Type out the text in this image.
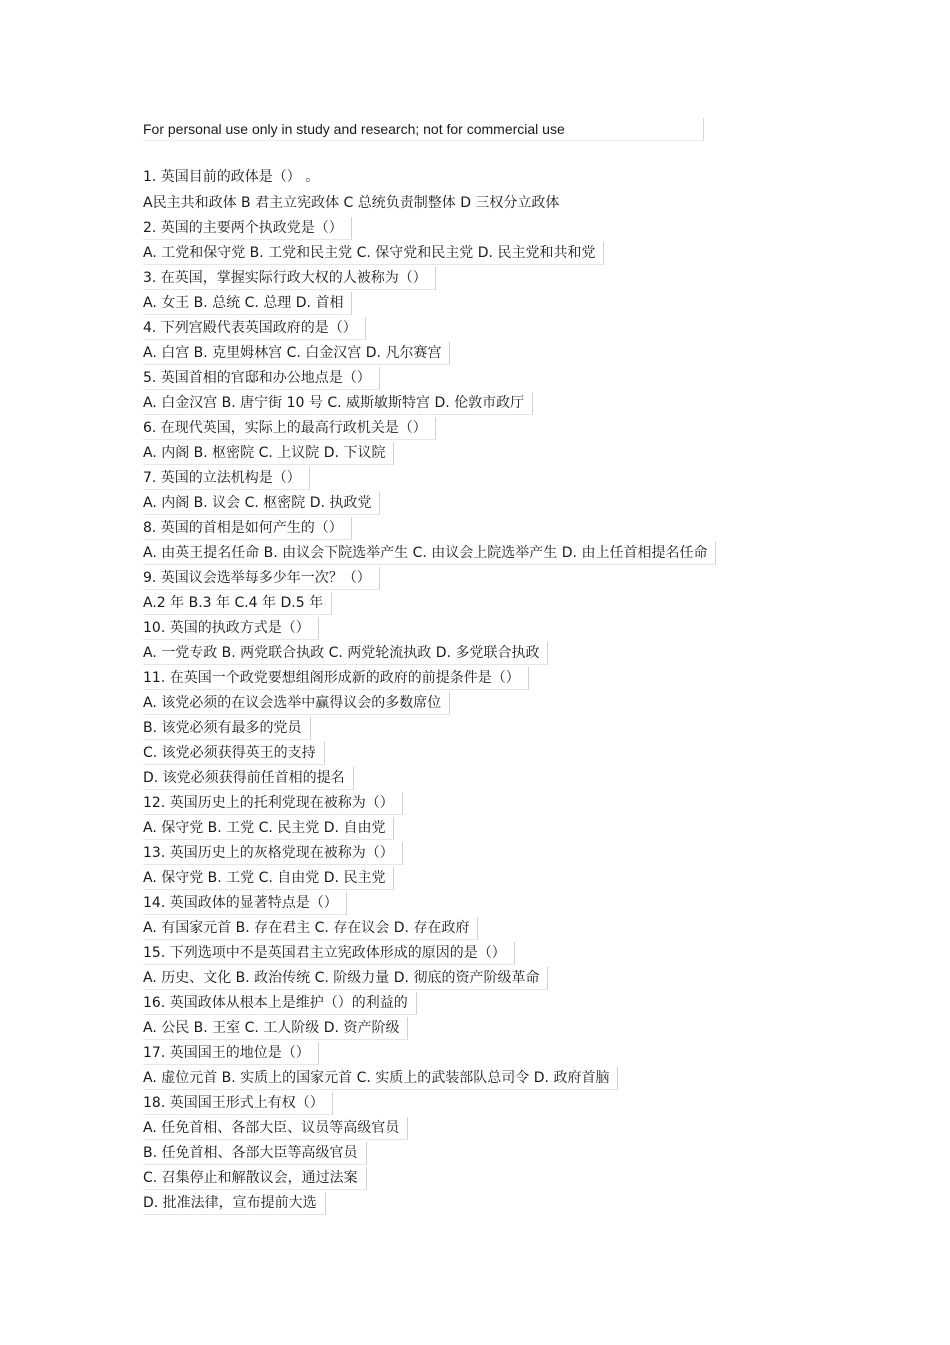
For personal use only in study and research; not for commercial use
1. 英国目前的政体是（） 。
A民主共和政体 B 君主立宪政体 C 总统负责制整体 D 三权分立政体
2. 英国的主要两个执政党是（）
A. 工党和保守党 B. 工党和民主党 C. 保守党和民主党 D. 民主党和共和党
3. 在英国，掌握实际行政大权的人被称为（）
A. 女王 B. 总统 C. 总理 D. 首相
4. 下列宫殿代表英国政府的是（）
A. 白宫 B. 克里姆林宫 C. 白金汉宫 D. 凡尔赛宫
5. 英国首相的官邸和办公地点是（）
A. 白金汉宫 B. 唐宁街 10 号 C. 威斯敏斯特宫 D. 伦敦市政厅
6. 在现代英国，实际上的最高行政机关是（）
A. 内阁 B. 枢密院 C. 上议院 D. 下议院
7. 英国的立法机构是（）
A. 内阁 B. 议会 C. 枢密院 D. 执政党
8. 英国的首相是如何产生的（）
A. 由英王提名任命 B. 由议会下院选举产生 C. 由议会上院选举产生 D. 由上任首相提名任命
9. 英国议会选举每多少年一次？（）
A.2 年 B.3 年 C.4 年 D.5 年
10. 英国的执政方式是（）
A. 一党专政 B. 两党联合执政 C. 两党轮流执政 D. 多党联合执政
11. 在英国一个政党要想组阁形成新的政府的前提条件是（）
A. 该党必须的在议会选举中赢得议会的多数席位
B. 该党必须有最多的党员
C. 该党必须获得英王的支持
D. 该党必须获得前任首相的提名
12. 英国历史上的托利党现在被称为（）
A. 保守党 B. 工党 C. 民主党 D. 自由党
13. 英国历史上的灰格党现在被称为（）
A. 保守党 B. 工党 C. 自由党 D. 民主党
14. 英国政体的显著特点是（）
A. 有国家元首 B. 存在君主 C. 存在议会 D. 存在政府
15. 下列选项中不是英国君主立宪政体形成的原因的是（）
A. 历史、文化 B. 政治传统 C. 阶级力量 D. 彻底的资产阶级革命
16. 英国政体从根本上是维护（）的利益的
A. 公民 B. 王室 C. 工人阶级 D. 资产阶级
17. 英国国王的地位是（）
A. 虚位元首 B. 实质上的国家元首 C. 实质上的武装部队总司令 D. 政府首脑
18. 英国国王形式上有权（）
A. 任免首相、各部大臣、议员等高级官员
B. 任免首相、各部大臣等高级官员
C. 召集停止和解散议会，通过法案
D. 批准法律，宣布提前大选
